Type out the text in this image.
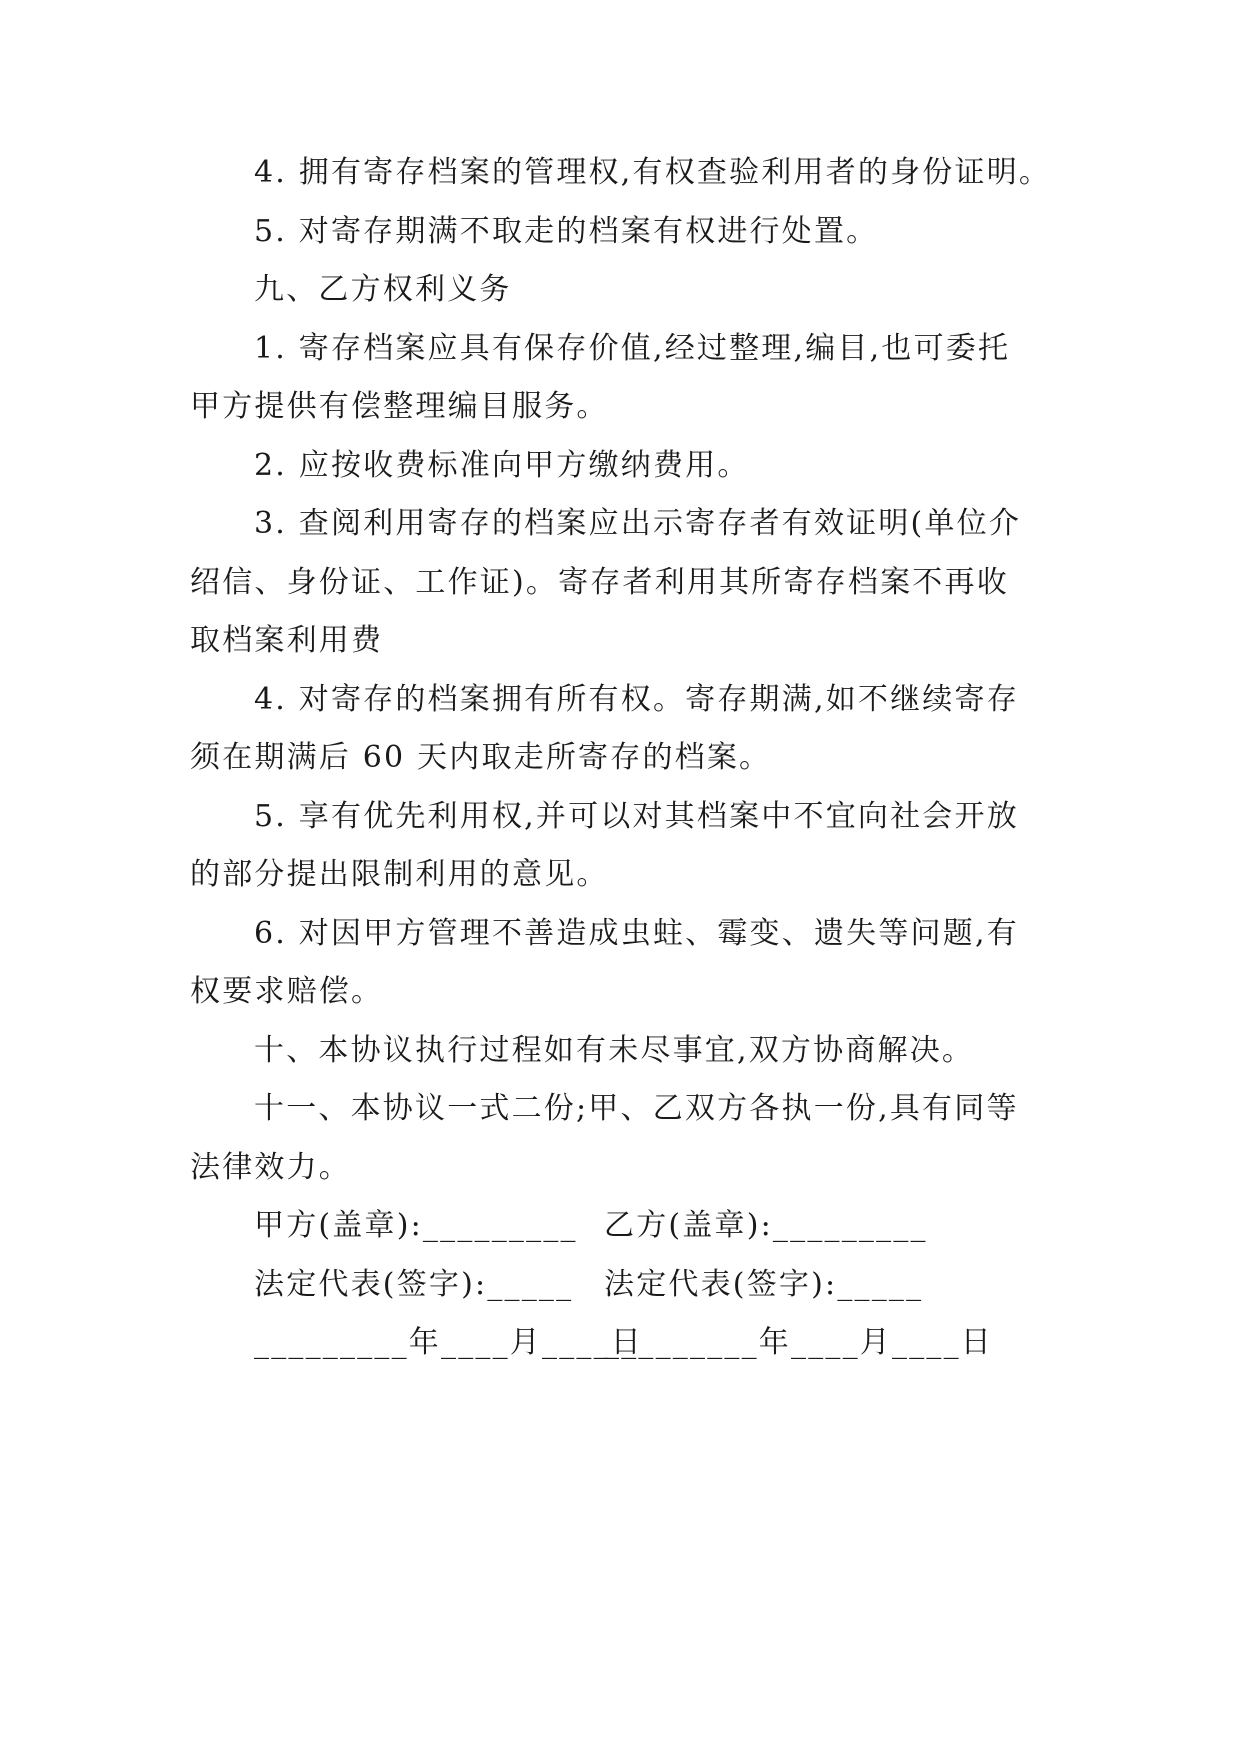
4. 拥有寄存档案的管理权,有权查验利用者的身份证明。
5. 对寄存期满不取走的档案有权进行处置。
九、乙方权利义务
1. 寄存档案应具有保存价值,经过整理,编目,也可委托
甲方提供有偿整理编目服务。
2. 应按收费标准向甲方缴纳费用。
3. 查阅利用寄存的档案应出示寄存者有效证明(单位介
绍信、身份证、工作证)。寄存者利用其所寄存档案不再收
取档案利用费
4. 对寄存的档案拥有所有权。寄存期满,如不继续寄存
须在期满后 60 天内取走所寄存的档案。
5. 享有优先利用权,并可以对其档案中不宜向社会开放
的部分提出限制利用的意见。
6. 对因甲方管理不善造成虫蛀、霉变、遗失等问题,有
权要求赔偿。
十、本协议执行过程如有未尽事宜,双方协商解决。
十一、本协议一式二份;甲、乙双方各执一份,具有同等
法律效力。
甲方(盖章):_________ 乙方(盖章):_________
法定代表(签字):_____	法定代表(签字):_____
_________年____月____日
_________年____月____日
